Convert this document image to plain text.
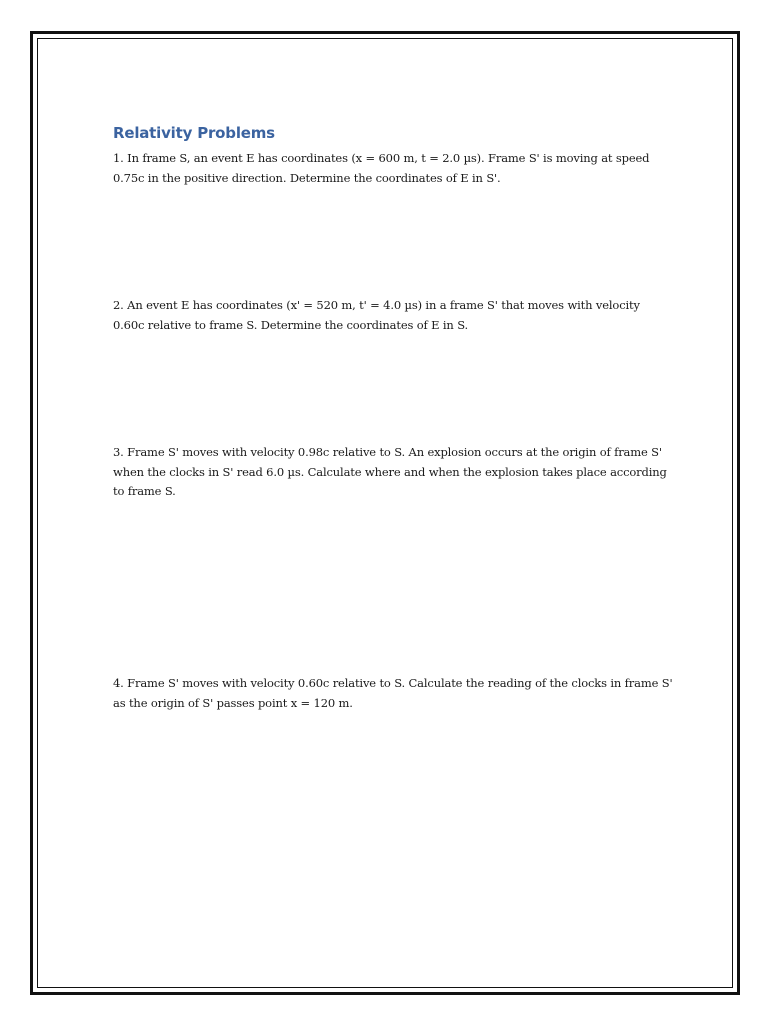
Relativity Problems

1. In frame S, an event E has coordinates (x = 600 m, t = 2.0 µs). Frame S' is moving at speed 0.75c in the positive direction. Determine the coordinates of E in S'.

2. An event E has coordinates (x' = 520 m, t' = 4.0 µs) in a frame S' that moves with velocity 0.60c relative to frame S. Determine the coordinates of E in S.

3. Frame S' moves with velocity 0.98c relative to S. An explosion occurs at the origin of frame S' when the clocks in S' read 6.0 µs. Calculate where and when the explosion takes place according to frame S.

4. Frame S' moves with velocity 0.60c relative to S. Calculate the reading of the clocks in frame S' as the origin of S' passes point x = 120 m.
